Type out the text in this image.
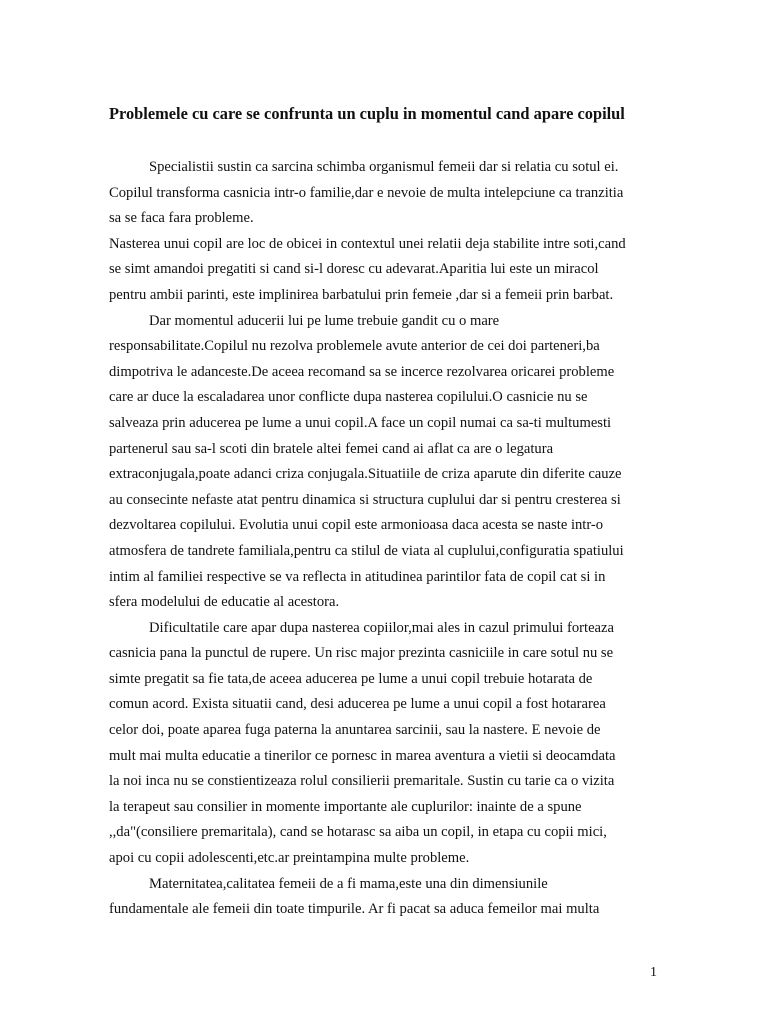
Problemele cu care se confrunta un cuplu in momentul cand apare copilul
Specialistii sustin ca sarcina schimba organismul femeii dar si relatia cu sotul ei.
Copilul transforma casnicia intr-o familie,dar e nevoie de multa intelepciune ca tranzitia
sa se faca fara probleme.
Nasterea unui copil are loc de obicei in contextul unei relatii deja stabilite intre soti,cand
se simt amandoi pregatiti si cand si-l doresc cu adevarat.Aparitia lui este un miracol
pentru ambii parinti, este implinirea barbatului prin femeie ,dar si a femeii prin barbat.
Dar momentul aducerii lui pe lume trebuie gandit cu o mare
responsabilitate.Copilul nu rezolva problemele avute anterior de cei doi parteneri,ba
dimpotriva le adanceste.De aceea recomand sa se incerce rezolvarea oricarei probleme
care ar duce la escaladarea unor conflicte dupa nasterea copilului.O casnicie nu se
salveaza prin aducerea pe lume a unui copil.A face un copil numai ca sa-ti multumesti
partenerul sau sa-l scoti din bratele altei femei cand ai aflat ca are o legatura
extraconjugala,poate adanci criza conjugala.Situatiile de criza aparute din diferite cauze
au consecinte nefaste atat pentru dinamica si structura cuplului dar si pentru cresterea si
dezvoltarea copilului. Evolutia unui copil este armonioasa daca acesta se naste intr-o
atmosfera de tandrete familiala,pentru ca stilul de viata al cuplului,configuratia spatiului
intim al familiei respective se va reflecta in atitudinea parintilor fata de copil cat si in
sfera modelului de educatie al acestora.
Dificultatile care apar dupa nasterea copiilor,mai ales in cazul primului forteaza
casnicia pana la punctul de rupere. Un risc major prezinta casniciile in care sotul nu se
simte pregatit sa fie tata,de aceea aducerea pe lume a unui copil trebuie hotarata de
comun acord. Exista situatii cand, desi aducerea pe lume a unui copil a fost hotararea
celor doi, poate aparea fuga paterna la anuntarea sarcinii, sau la nastere. E nevoie de
mult mai multa educatie a tinerilor ce pornesc in marea aventura a vietii si deocamdata
la noi inca nu se constientizeaza rolul consilierii premaritale. Sustin cu tarie ca o vizita
la terapeut sau consilier in momente importante ale cuplurilor: inainte de a spune
,,da"(consiliere premaritala), cand se hotarasc sa aiba un copil, in etapa cu copii mici,
apoi cu copii adolescenti,etc.ar preintampina multe probleme.
Maternitatea,calitatea femeii de a fi mama,este una din dimensiunile
fundamentale ale femeii din toate timpurile. Ar fi pacat sa aduca femeilor mai multa
1
